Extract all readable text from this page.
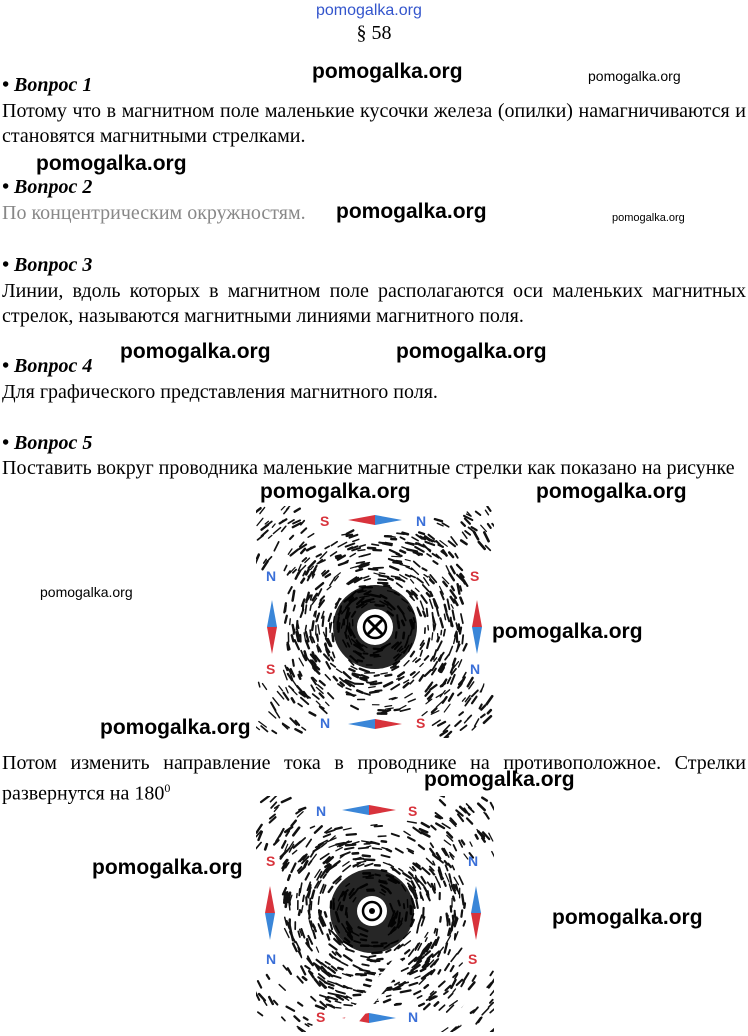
pomogalka.org
§ 58
pomogalka.org	pomogalka.org
pomogalka.org
pomogalka.org	pomogalka.org
pomogalka.org	pomogalka.org
pomogalka.org	pomogalka.org
pomogalka.org
pomogalka.org
pomogalka.org
pomogalka.org
pomogalka.org
pomogalka.org
• Вопрос 1
Потому что в магнитном поле маленькие кусочки железа (опилки) намагничиваются и становятся магнитными стрелками.
• Вопрос 2
По концентрическим окружностям.
• Вопрос 3
Линии, вдоль которых в магнитном поле располагаются оси маленьких магнитных стрелок, называются магнитными линиями магнитного поля.
• Вопрос 4
Для графического представления магнитного поля.
• Вопрос 5
Поставить вокруг проводника маленькие магнитные стрелки как показано на рисунке
S	N
N
S
S
N
N	S
Потом изменить направление тока в проводнике на противоположное. Стрелки развернутся на $180^0$
N	S
S
N
N
S
S	N
